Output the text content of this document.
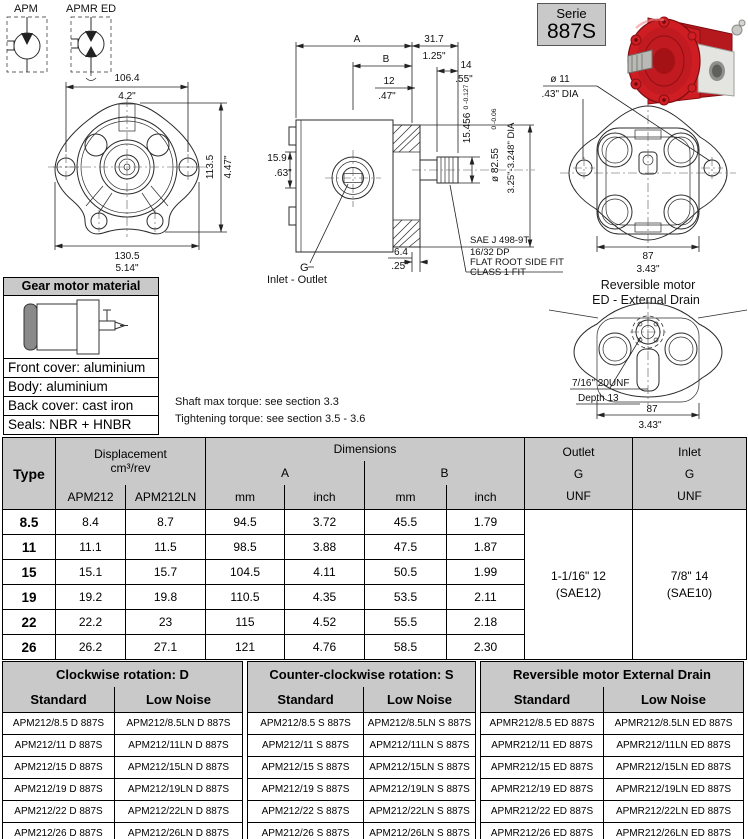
APM	APMR ED
106.4
4.2"
113.5 4.47"
130.5
5.14"
A
B
12
.47"
31.7
1.25"
14
.55"
15.9
.63"
6.4
.25"
15.456
0 -0.127
ø 82.55
0 -0.06
3.25"-3.248" DIA
SAE J 498-9T
16/32 DP
FLAT ROOT SIDE FIT
CLASS 1 FIT
G
Inlet - Outlet
87
3.43"
ø 11
.43" DIA
Reversible motor
ED - External Drain
7/16" 20UNF
Depth 13
87
3.43"
Serie
887S
Gear motor material
Front cover: aluminium
Body: aluminium
Back cover: cast iron
Seals: NBR + HNBR
Shaft max torque: see section 3.3
Tightening torque: see section 3.5 - 3.6
Type	
Displacement
cm³/rev
	Dimensions	Outlet
G
UNF

Inlet
G
UNF

			A		B			
	APM212	APM212LN	mm	inch	mm	inch		
8.5	8.4	8.7	94.5	3.72	45.5	1.79	
1-1/16" 12
(SAE12)

7/8" 14
(SAE10)

11	11.1	11.5	98.5	3.88	47.5	1.87		
15	15.1	15.7	104.5	4.11	50.5	1.99		
19	19.2	19.8	110.5	4.35	53.5	2.11		
22	22.2	23	115	4.52	55.5	2.18		
26	26.2	27.1	121	4.76	58.5	2.30		
Clockwise rotation: D	
Standard	Low Noise
APM212/8.5 D 887S	APM212/8.5LN D 887S
APM212/11 D 887S	APM212/11LN D 887S
APM212/15 D 887S	APM212/15LN D 887S
APM212/19 D 887S	APM212/19LN D 887S
APM212/22 D 887S	APM212/22LN D 887S
APM212/26 D 887S	APM212/26LN D 887S
Counter-clockwise rotation: S	
Standard	Low Noise
APM212/8.5 S 887S	APM212/8.5LN S 887S
APM212/11 S 887S	APM212/11LN S 887S
APM212/15 S 887S	APM212/15LN S 887S
APM212/19 S 887S	APM212/19LN S 887S
APM212/22 S 887S	APM212/22LN S 887S
APM212/26 S 887S	APM212/26LN S 887S
Reversible motor External Drain	
Standard	Low Noise
APMR212/8.5 ED 887S	APMR212/8.5LN ED 887S
APMR212/11 ED 887S	APMR212/11LN ED 887S
APMR212/15 ED 887S	APMR212/15LN ED 887S
APMR212/19 ED 887S	APMR212/19LN ED 887S
APMR212/22 ED 887S	APMR212/22LN ED 887S
APMR212/26 ED 887S	APMR212/26LN ED 887S
